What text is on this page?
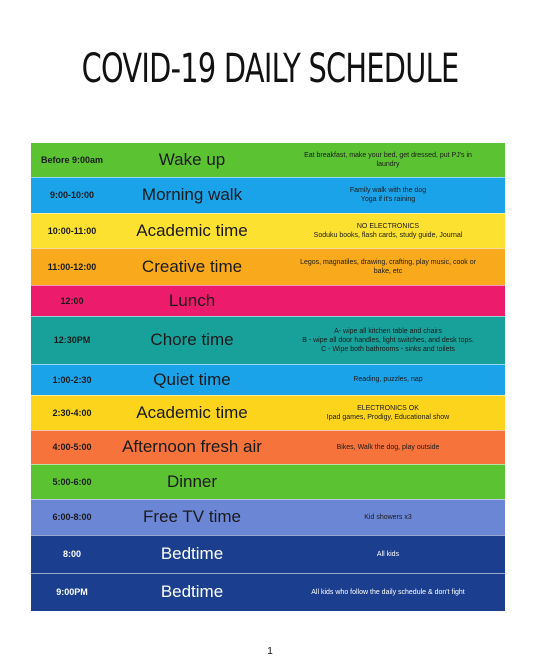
COVID-19 DAILY SCHEDULE
Before 9:00am	Wake up	Eat breakfast, make your bed, get dressed, put PJ's in
laundry

9:00-10:00	Morning walk	Family walk with the dog
Yoga if it's raining

10:00-11:00	Academic time	NO ELECTRONICS
Soduku books, flash cards, study guide, Journal

11:00-12:00	Creative time	Legos, magnatiles, drawing, crafting, play music, cook or
bake, etc

12:00	Lunch	
12:30PM	Chore time	A- wipe all kitchen table and chairs
B - wipe all door handles, light switches, and desk tops.
C - Wipe both bathrooms - sinks and toilets

1:00-2:30	Quiet time	Reading, puzzles, nap

2:30-4:00	Academic time	ELECTRONICS OK
Ipad games, Prodigy, Educational show

4:00-5:00	Afternoon fresh air	Bikes, Walk the dog, play outside

5:00-6:00	Dinner	
6:00-8:00	Free TV time	Kid showers x3

8:00	Bedtime	All kids

9:00PM	Bedtime	All kids who follow the daily schedule & don't fight
1
